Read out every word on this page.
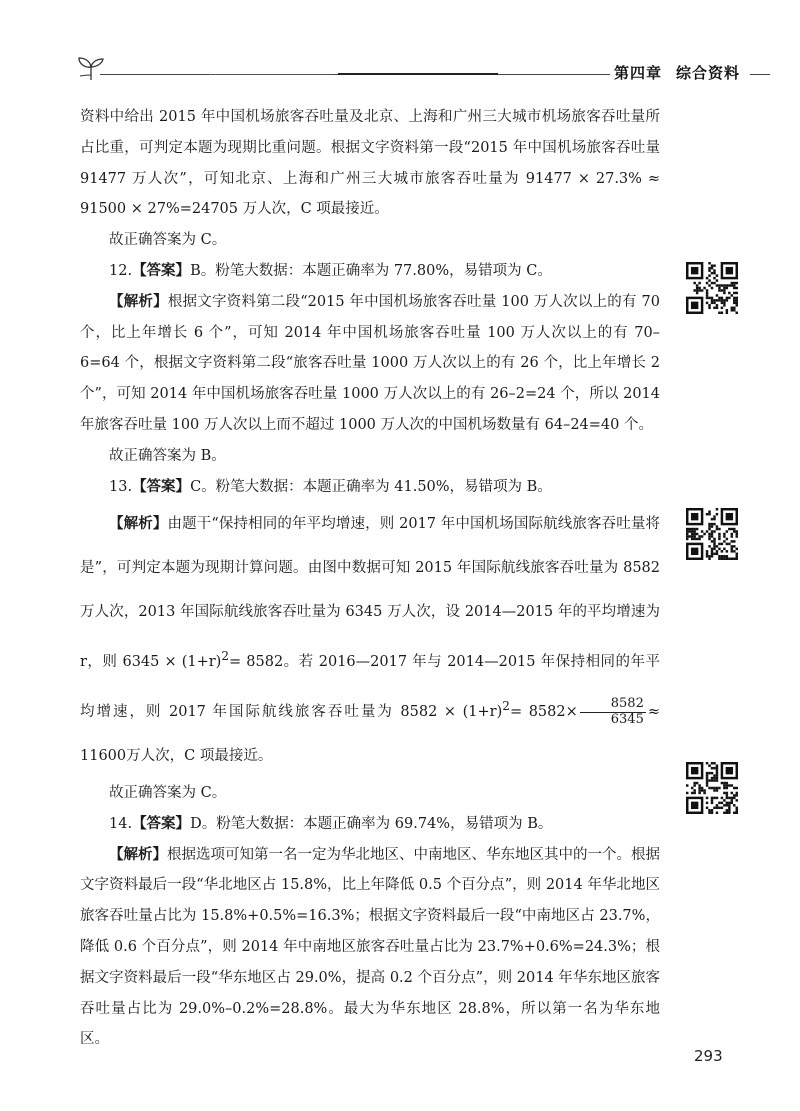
第四章 综合资料

资料中给出 2015 年中国机场旅客吞吐量及北京、上海和广州三大城市机场旅客吞吐量所占比重，可判定本题为现期比重问题。根据文字资料第一段“2015 年中国机场旅客吞吐量 91477 万人次”，可知北京、上海和广州三大城市旅客吞吐量为 91477 × 27.3% ≈ 91500 × 27%=24705 万人次，C 项最接近。

故正确答案为 C。

12.【答案】B。粉笔大数据：本题正确率为 77.80%，易错项为 C。

【解析】根据文字资料第二段“2015 年中国机场旅客吞吐量 100 万人次以上的有 70 个，比上年增长 6 个”，可知 2014 年中国机场旅客吞吐量 100 万人次以上的有 70–6=64 个，根据文字资料第二段“旅客吞吐量 1000 万人次以上的有 26 个，比上年增长 2 个”，可知 2014 年中国机场旅客吞吐量 1000 万人次以上的有 26–2=24 个，所以 2014 年旅客吞吐量 100 万人次以上而不超过 1000 万人次的中国机场数量有 64–24=40 个。

故正确答案为 B。

13.【答案】C。粉笔大数据：本题正确率为 41.50%，易错项为 B。

【解析】由题干“保持相同的年平均增速，则 2017 年中国机场国际航线旅客吞吐量将是”，可判定本题为现期计算问题。由图中数据可知 2015 年国际航线旅客吞吐量为 8582 万人次，2013 年国际航线旅客吞吐量为 6345 万人次，设 2014—2015 年的平均增速为 r，则 $6345 \times (1+r)^2= 8582$。若 2016—2017 年与 2014—2015 年保持相同的年平均增速，则 2017 年国际航线旅客吞吐量为 $8582 \times (1+r)^2= 8582\times \frac{8582}{6345} \approx 11600$万人次，C 项最接近。

故正确答案为 C。

14.【答案】D。粉笔大数据：本题正确率为 69.74%，易错项为 B。

【解析】根据选项可知第一名一定为华北地区、中南地区、华东地区其中的一个。根据文字资料最后一段“华北地区占 15.8%，比上年降低 0.5 个百分点”，则 2014 年华北地区旅客吞吐量占比为 15.8%+0.5%=16.3%；根据文字资料最后一段“中南地区占 23.7%，降低 0.6 个百分点”，则 2014 年中南地区旅客吞吐量占比为 23.7%+0.6%=24.3%；根据文字资料最后一段“华东地区占 29.0%，提高 0.2 个百分点”，则 2014 年华东地区旅客吞吐量占比为 29.0%–0.2%=28.8%。最大为华东地区 28.8%，所以第一名为华东地区。

293
